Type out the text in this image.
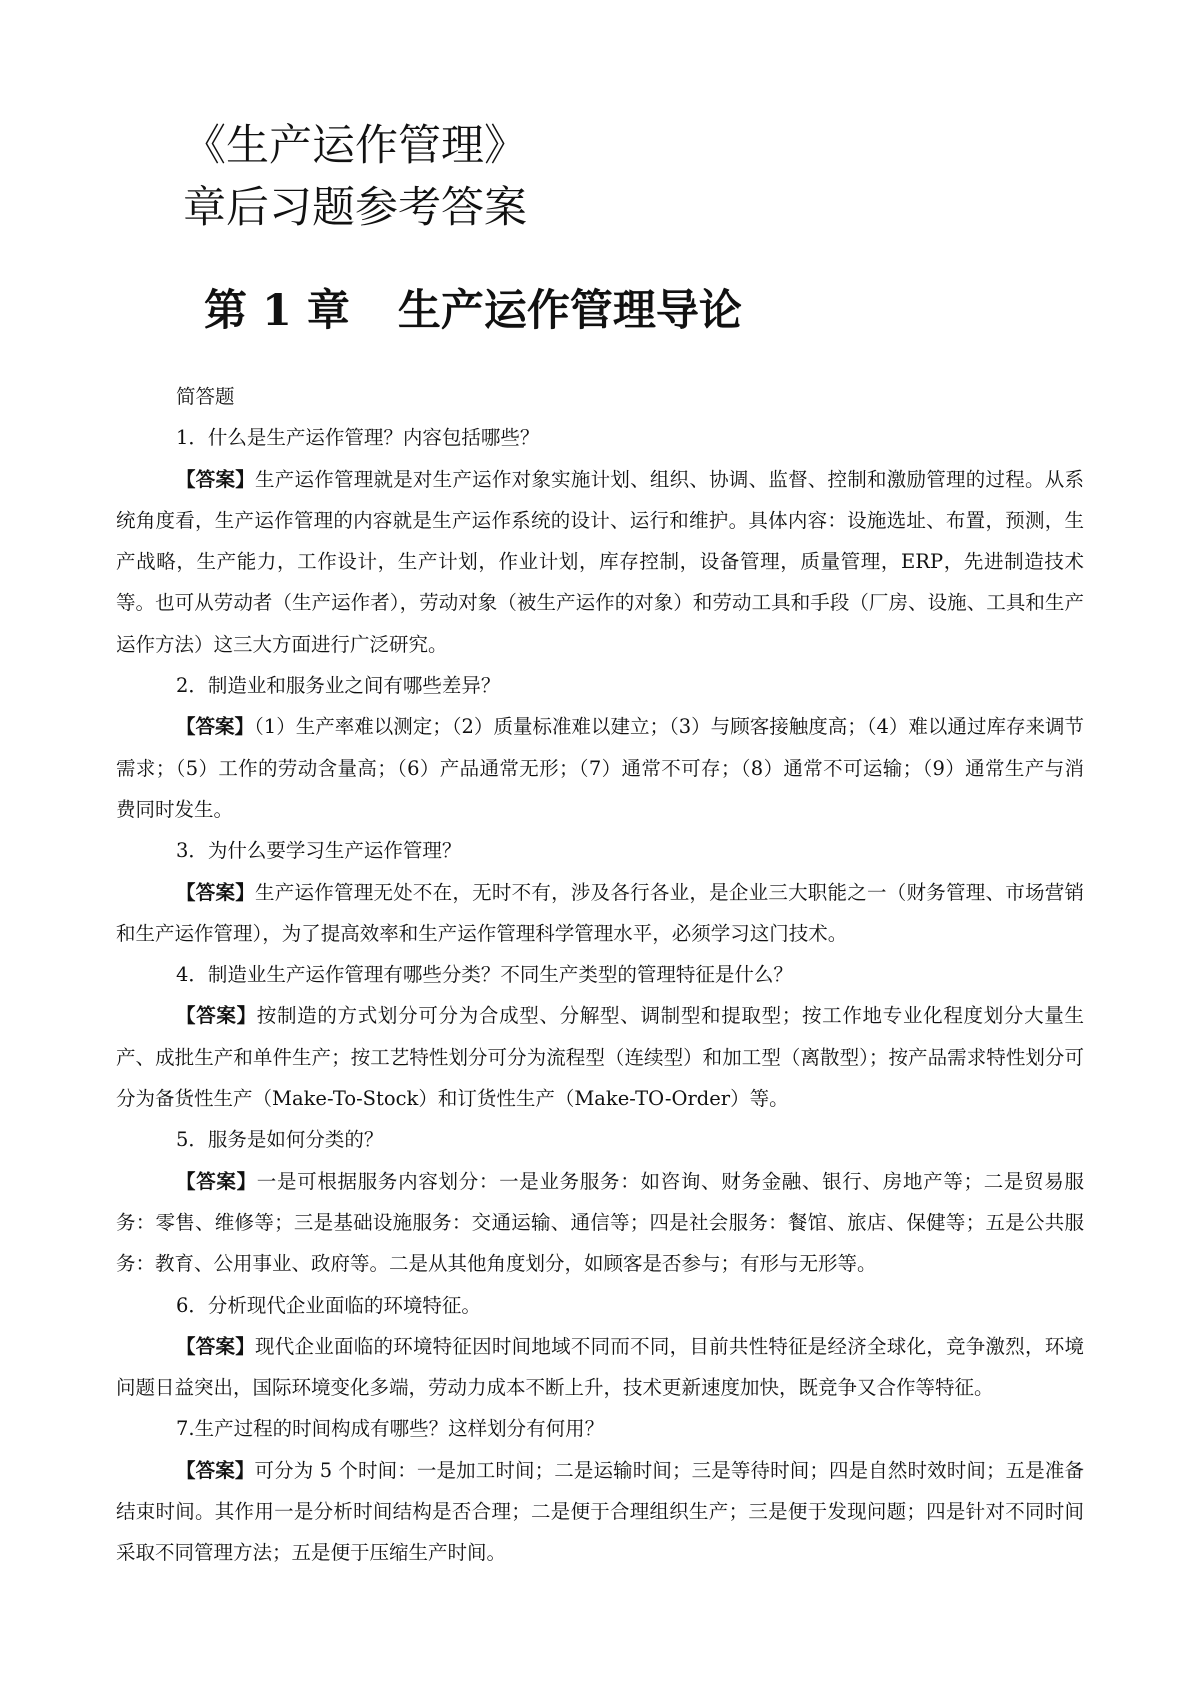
《生产运作管理》
章后习题参考答案
第 1 章 生产运作管理导论

简答题

1．什么是生产运作管理？内容包括哪些？

【答案】生产运作管理就是对生产运作对象实施计划、组织、协调、监督、控制和激励管理的过程。从系统角度看，生产运作管理的内容就是生产运作系统的设计、运行和维护。具体内容：设施选址、布置，预测，生产战略，生产能力，工作设计，生产计划，作业计划，库存控制，设备管理，质量管理，ERP，先进制造技术等。也可从劳动者（生产运作者），劳动对象（被生产运作的对象）和劳动工具和手段（厂房、设施、工具和生产运作方法）这三大方面进行广泛研究。

2．制造业和服务业之间有哪些差异？

【答案】（1）生产率难以测定；（2）质量标准难以建立；（3）与顾客接触度高；（4）难以通过库存来调节需求；（5）工作的劳动含量高；（6）产品通常无形；（7）通常不可存；（8）通常不可运输；（9）通常生产与消费同时发生。

3．为什么要学习生产运作管理？

【答案】生产运作管理无处不在，无时不有，涉及各行各业，是企业三大职能之一（财务管理、市场营销和生产运作管理），为了提高效率和生产运作管理科学管理水平，必须学习这门技术。

4．制造业生产运作管理有哪些分类？不同生产类型的管理特征是什么？

【答案】按制造的方式划分可分为合成型、分解型、调制型和提取型；按工作地专业化程度划分大量生产、成批生产和单件生产；按工艺特性划分可分为流程型（连续型）和加工型（离散型）；按产品需求特性划分可分为备货性生产（Make-To-Stock）和订货性生产（Make-TO-Order）等。

5．服务是如何分类的？

【答案】一是可根据服务内容划分：一是业务服务：如咨询、财务金融、银行、房地产等；二是贸易服务：零售、维修等；三是基础设施服务：交通运输、通信等；四是社会服务：餐馆、旅店、保健等；五是公共服务：教育、公用事业、政府等。二是从其他角度划分，如顾客是否参与；有形与无形等。

6．分析现代企业面临的环境特征。

【答案】现代企业面临的环境特征因时间地域不同而不同，目前共性特征是经济全球化，竞争激烈，环境问题日益突出，国际环境变化多端，劳动力成本不断上升，技术更新速度加快，既竞争又合作等特征。

7.生产过程的时间构成有哪些？这样划分有何用？

【答案】可分为 5 个时间：一是加工时间；二是运输时间；三是等待时间；四是自然时效时间；五是准备结束时间。其作用一是分析时间结构是否合理；二是便于合理组织生产；三是便于发现问题；四是针对不同时间采取不同管理方法；五是便于压缩生产时间。
